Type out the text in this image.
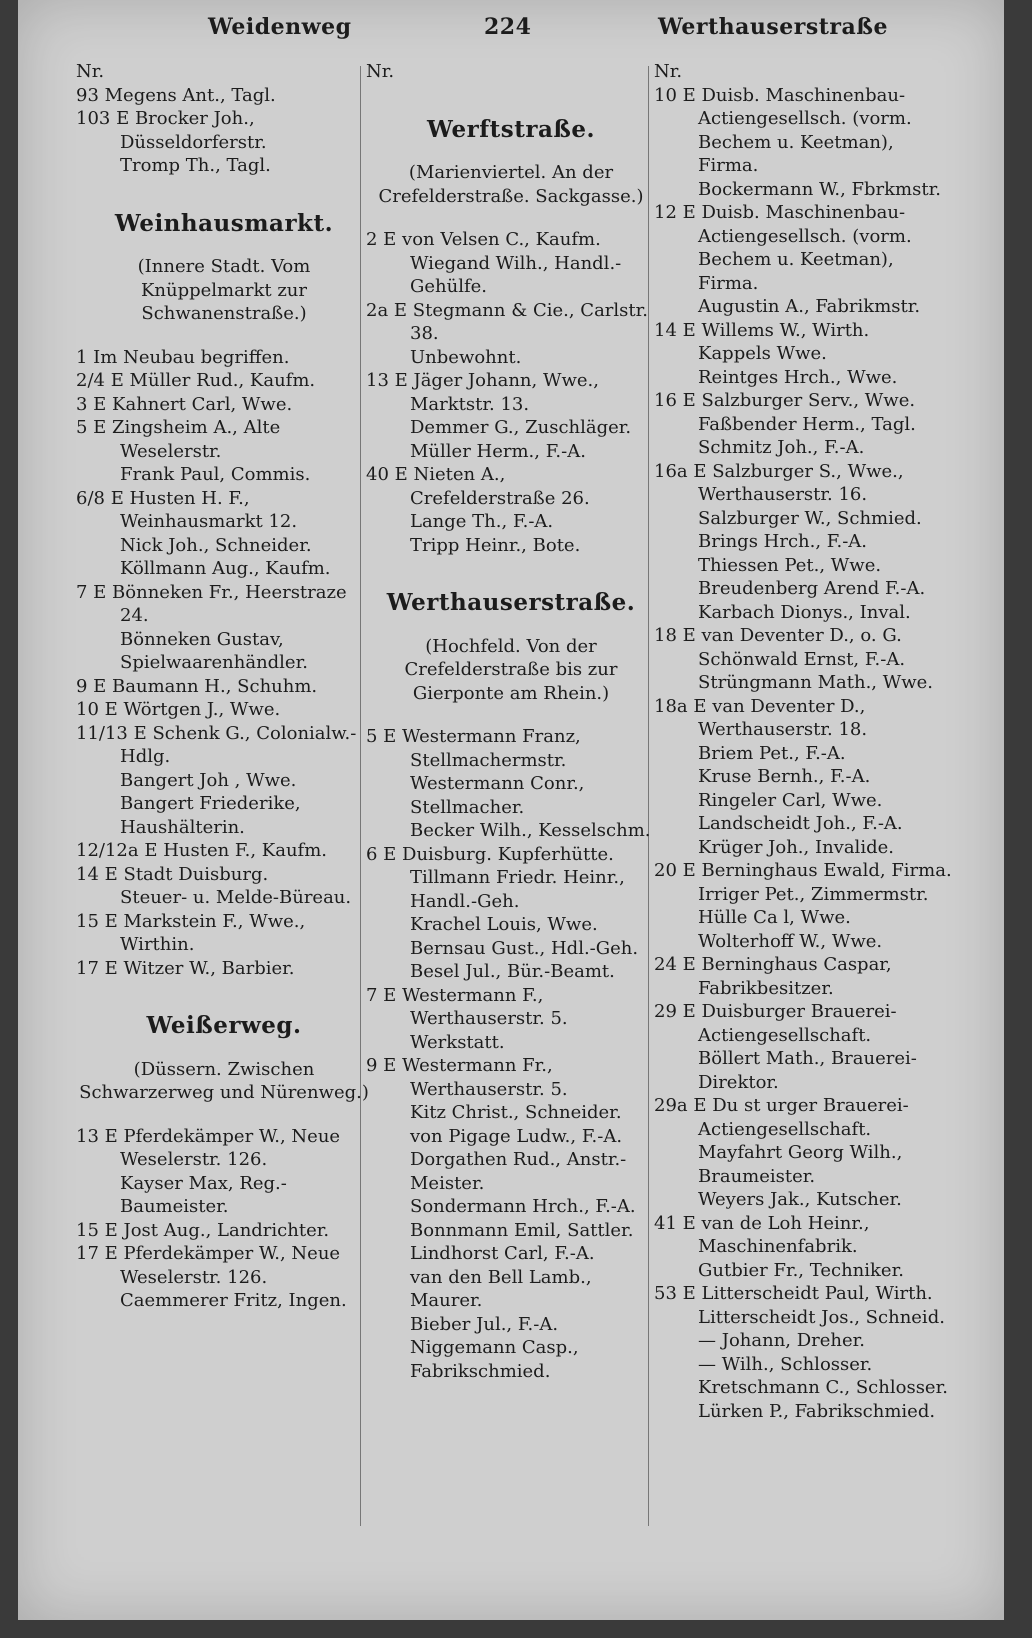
Weidenweg	224	Werthauserstraße
Nr.
93 Megens Ant., Tagl.
103 E Brocker Joh., Düsseldorferstr.
Tromp Th., Tagl.
Weinhausmarkt.
(Innere Stadt. Vom Knüppelmarkt zur Schwanenstraße.)
1 Im Neubau begriffen.
2/4 E Müller Rud., Kaufm.
3 E Kahnert Carl, Wwe.
5 E Zingsheim A., Alte Weselerstr.
Frank Paul, Commis.
6/8 E Husten H. F., Weinhausmarkt 12.
Nick Joh., Schneider.
Köllmann Aug., Kaufm.
7 E Bönneken Fr., Heerstraze 24.
Bönneken Gustav, Spielwaarenhändler.
9 E Baumann H., Schuhm.
10 E Wörtgen J., Wwe.
11/13 E Schenk G., Colonialw.-Hdlg.
Bangert Joh , Wwe.
Bangert Friederike, Haushälterin.
12/12a E Husten F., Kaufm.
14 E Stadt Duisburg.
Steuer- u. Melde-Büreau.
15 E Markstein F., Wwe., Wirthin.
17 E Witzer W., Barbier.
Weißerweg.
(Düssern. Zwischen Schwarzerweg und Nürenweg.)
13 E Pferdekämper W., Neue Weselerstr. 126.
Kayser Max, Reg.-Baumeister.
15 E Jost Aug., Landrichter.
17 E Pferdekämper W., Neue Weselerstr. 126.
Caemmerer Fritz, Ingen.
Nr.
Werftstraße.
(Marienviertel. An der Crefelderstraße. Sackgasse.)
2 E von Velsen C., Kaufm.
Wiegand Wilh., Handl.-Gehülfe.
2a E Stegmann & Cie., Carlstr. 38.
Unbewohnt.
13 E Jäger Johann, Wwe., Marktstr. 13.
Demmer G., Zuschläger.
Müller Herm., F.-A.
40 E Nieten A., Crefelderstraße 26.
Lange Th., F.-A.
Tripp Heinr., Bote.
Werthauserstraße.
(Hochfeld. Von der Crefelderstraße bis zur Gierponte am Rhein.)
5 E Westermann Franz, Stellmachermstr.
Westermann Conr., Stellmacher.
Becker Wilh., Kesselschm.
6 E Duisburg. Kupferhütte.
Tillmann Friedr. Heinr., Handl.-Geh.
Krachel Louis, Wwe.
Bernsau Gust., Hdl.-Geh.
Besel Jul., Bür.-Beamt.
7 E Westermann F., Werthauserstr. 5.
Werkstatt.
9 E Westermann Fr., Werthauserstr. 5.
Kitz Christ., Schneider.
von Pigage Ludw., F.-A.
Dorgathen Rud., Anstr.-Meister.
Sondermann Hrch., F.-A.
Bonnmann Emil, Sattler.
Lindhorst Carl, F.-A.
van den Bell Lamb., Maurer.
Bieber Jul., F.-A.
Niggemann Casp., Fabrikschmied.
Nr.
10 E Duisb. Maschinenbau-Actiengesellsch. (vorm. Bechem u. Keetman), Firma.
Bockermann W., Fbrkmstr.
12 E Duisb. Maschinenbau-Actiengesellsch. (vorm. Bechem u. Keetman), Firma.
Augustin A., Fabrikmstr.
14 E Willems W., Wirth.
Kappels Wwe.
Reintges Hrch., Wwe.
16 E Salzburger Serv., Wwe.
Faßbender Herm., Tagl.
Schmitz Joh., F.-A.
16a E Salzburger S., Wwe., Werthauserstr. 16.
Salzburger W., Schmied.
Brings Hrch., F.-A.
Thiessen Pet., Wwe.
Breudenberg Arend F.-A.
Karbach Dionys., Inval.
18 E van Deventer D., o. G.
Schönwald Ernst, F.-A.
Strüngmann Math., Wwe.
18a E van Deventer D., Werthauserstr. 18.
Briem Pet., F.-A.
Kruse Bernh., F.-A.
Ringeler Carl, Wwe.
Landscheidt Joh., F.-A.
Krüger Joh., Invalide.
20 E Berninghaus Ewald, Firma.
Irriger Pet., Zimmermstr.
Hülle Ca l, Wwe.
Wolterhoff W., Wwe.
24 E Berninghaus Caspar, Fabrikbesitzer.
29 E Duisburger Brauerei-Actiengesellschaft.
Böllert Math., Brauerei-Direktor.
29a E Du st urger Brauerei-Actiengesellschaft.
Mayfahrt Georg Wilh., Braumeister.
Weyers Jak., Kutscher.
41 E van de Loh Heinr., Maschinenfabrik.
Gutbier Fr., Techniker.
53 E Litterscheidt Paul, Wirth.
Litterscheidt Jos., Schneid.
— Johann, Dreher.
— Wilh., Schlosser.
Kretschmann C., Schlosser.
Lürken P., Fabrikschmied.
